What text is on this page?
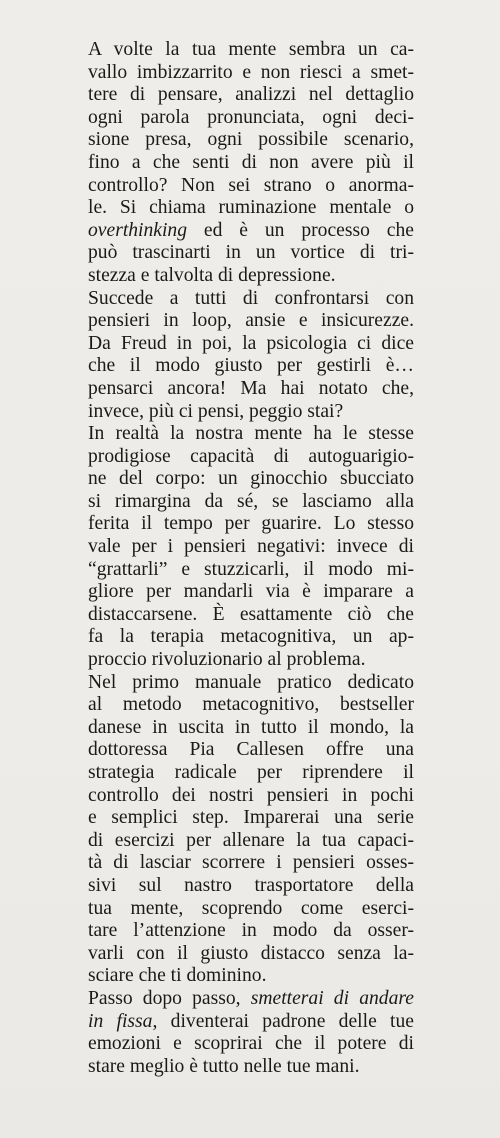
A volte la tua mente sembra un ca-
vallo imbizzarrito e non riesci a smet-
tere di pensare, analizzi nel dettaglio
ogni parola pronunciata, ogni deci-
sione presa, ogni possibile scenario,
fino a che senti di non avere più il
controllo? Non sei strano o anorma-
le. Si chiama ruminazione mentale o
overthinking ed è un processo che
può trascinarti in un vortice di tri-
stezza e talvolta di depressione.
Succede a tutti di confrontarsi con
pensieri in loop, ansie e insicurezze.
Da Freud in poi, la psicologia ci dice
che il modo giusto per gestirli è…
pensarci ancora! Ma hai notato che,
invece, più ci pensi, peggio stai?
In realtà la nostra mente ha le stesse
prodigiose capacità di autoguarigio-
ne del corpo: un ginocchio sbucciato
si rimargina da sé, se lasciamo alla
ferita il tempo per guarire. Lo stesso
vale per i pensieri negativi: invece di
“grattarli” e stuzzicarli, il modo mi-
gliore per mandarli via è imparare a
distaccarsene. È esattamente ciò che
fa la terapia metacognitiva, un ap-
proccio rivoluzionario al problema.
Nel primo manuale pratico dedicato
al metodo metacognitivo, bestseller
danese in uscita in tutto il mondo, la
dottoressa Pia Callesen offre una
strategia radicale per riprendere il
controllo dei nostri pensieri in pochi
e semplici step. Imparerai una serie
di esercizi per allenare la tua capaci-
tà di lasciar scorrere i pensieri osses-
sivi sul nastro trasportatore della
tua mente, scoprendo come eserci-
tare l’attenzione in modo da osser-
varli con il giusto distacco senza la-
sciare che ti dominino.
Passo dopo passo, smetterai di andare
in fissa, diventerai padrone delle tue
emozioni e scoprirai che il potere di
stare meglio è tutto nelle tue mani.
